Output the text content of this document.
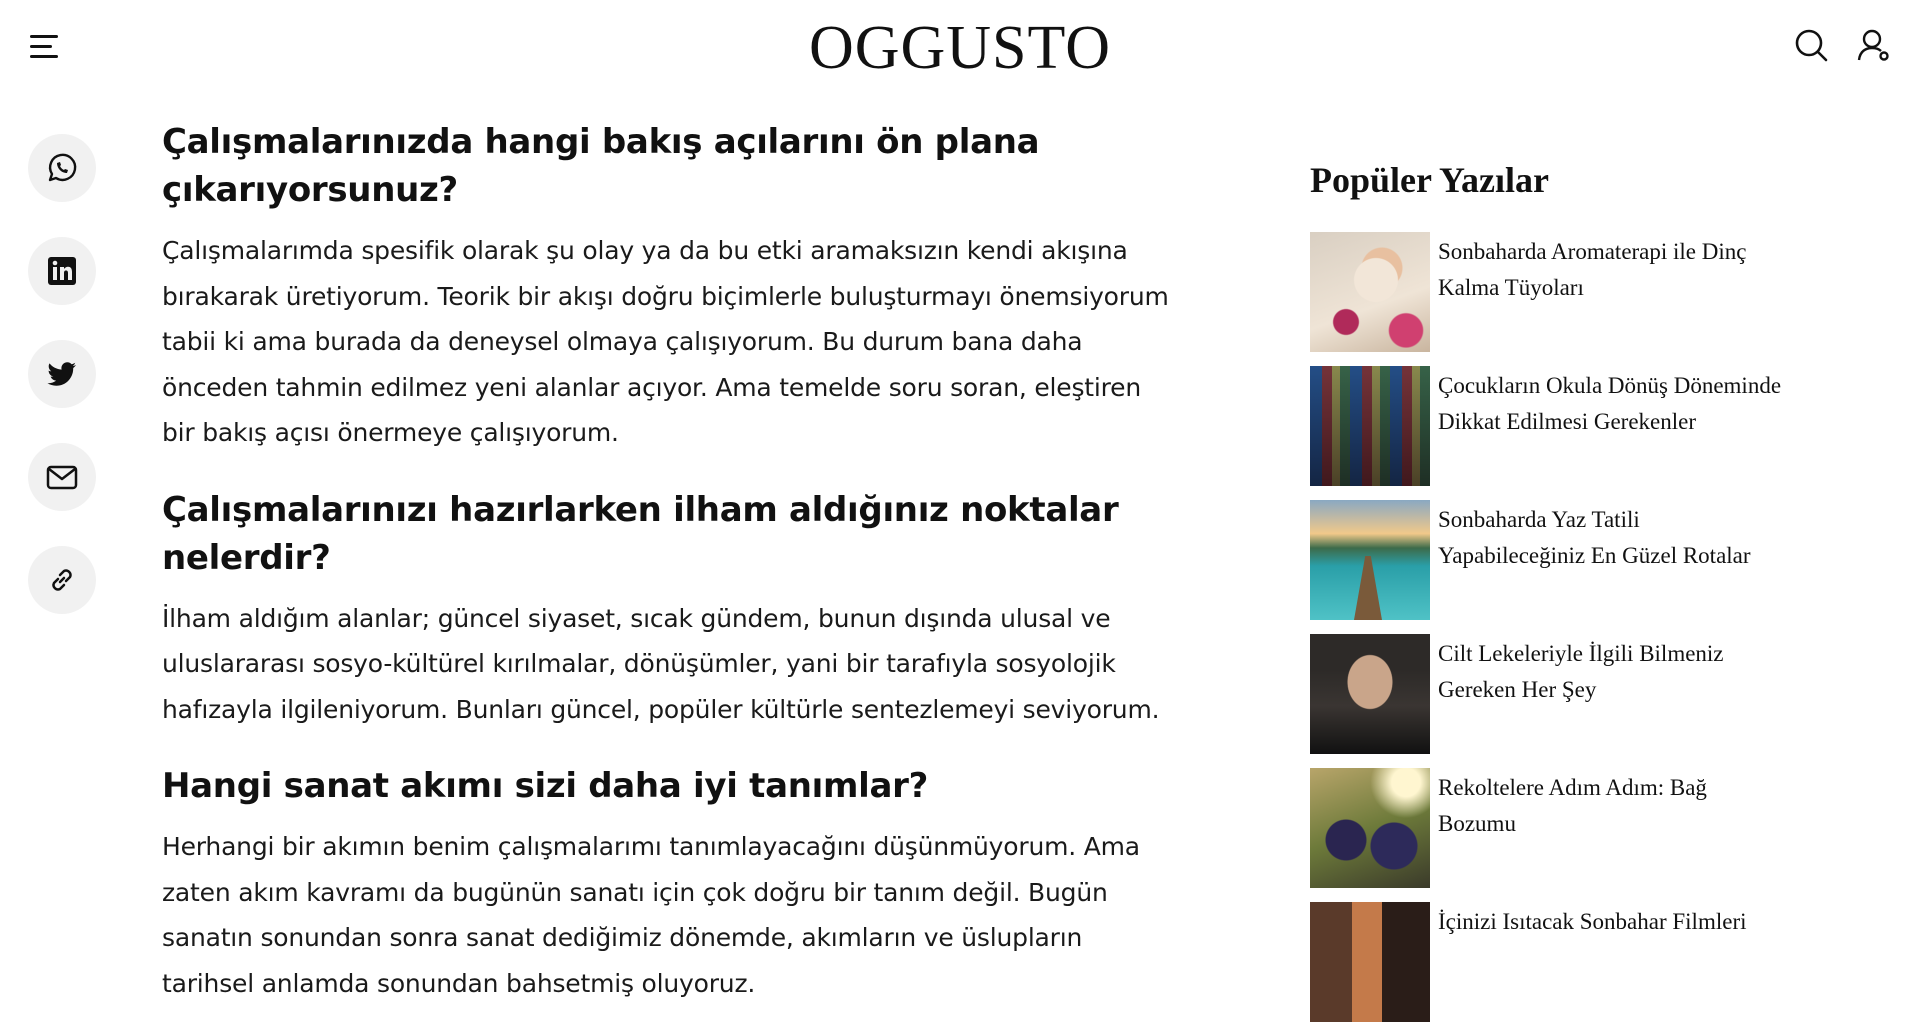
OGGUSTO
Çalışmalarınızda hangi bakış açılarını ön plana çıkarıyorsunuz?

Çalışmalarımda spesifik olarak şu olay ya da bu etki aramaksızın kendi akışına bırakarak üretiyorum. Teorik bir akışı doğru biçimlerle buluşturmayı önemsiyorum tabii ki ama burada da deneysel olmaya çalışıyorum. Bu durum bana daha önceden tahmin edilmez yeni alanlar açıyor. Ama temelde soru soran, eleştiren bir bakış açısı önermeye çalışıyorum.

Çalışmalarınızı hazırlarken ilham aldığınız noktalar nelerdir?

İlham aldığım alanlar; güncel siyaset, sıcak gündem, bunun dışında ulusal ve uluslararası sosyo-kültürel kırılmalar, dönüşümler, yani bir tarafıyla sosyolojik hafızayla ilgileniyorum. Bunları güncel, popüler kültürle sentezlemeyi seviyorum.

Hangi sanat akımı sizi daha iyi tanımlar?

Herhangi bir akımın benim çalışmalarımı tanımlayacağını düşünmüyorum. Ama zaten akım kavramı da bugünün sanatı için çok doğru bir tanım değil. Bugün sanatın sonundan sonra sanat dediğimiz dönemde, akımların ve üslupların tarihsel anlamda sonundan bahsetmiş oluyoruz.

Popüler Yazılar
Sonbaharda Aromaterapi ile Dinç Kalma Tüyoları
Çocukların Okula Dönüş Döneminde Dikkat Edilmesi Gerekenler
Sonbaharda Yaz Tatili Yapabileceğiniz En Güzel Rotalar
Cilt Lekeleriyle İlgili Bilmeniz Gereken Her Şey
Rekoltelere Adım Adım: Bağ Bozumu
İçinizi Isıtacak Sonbahar Filmleri
